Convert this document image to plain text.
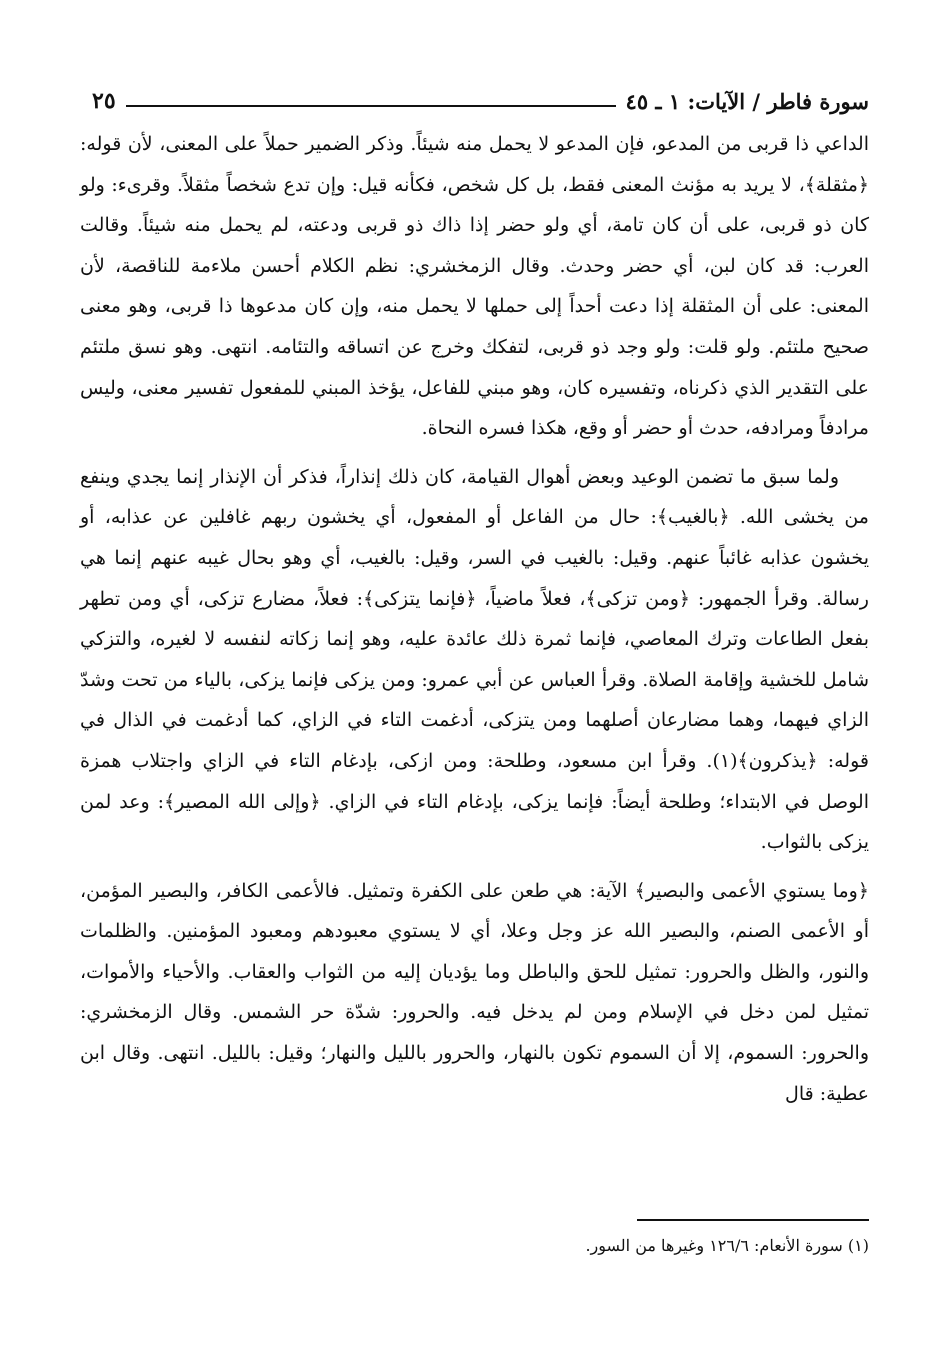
سورة فاطر / الآيات: ١ ـ ٤٥
٢٥

الداعي ذا قربى من المدعو، فإن المدعو لا يحمل منه شيئاً. وذكر الضمير حملاً على المعنى، لأن قوله: ﴿مثقلة﴾، لا يريد به مؤنث المعنى فقط، بل كل شخص، فكأنه قيل: وإن تدع شخصاً مثقلاً. وقرىء: ولو كان ذو قربى، على أن كان تامة، أي ولو حضر إذا ذاك ذو قربى ودعته، لم يحمل منه شيئاً. وقالت العرب: قد كان لبن، أي حضر وحدث. وقال الزمخشري: نظم الكلام أحسن ملاءمة للناقصة، لأن المعنى: على أن المثقلة إذا دعت أحداً إلى حملها لا يحمل منه، وإن كان مدعوها ذا قربى، وهو معنى صحيح ملتئم. ولو قلت: ولو وجد ذو قربى، لتفكك وخرج عن اتساقه والتئامه. انتهى. وهو نسق ملتئم على التقدير الذي ذكرناه، وتفسيره كان، وهو مبني للفاعل، يؤخذ المبني للمفعول تفسير معنى، وليس مرادفاً ومرادفه، حدث أو حضر أو وقع، هكذا فسره النحاة.

ولما سبق ما تضمن الوعيد وبعض أهوال القيامة، كان ذلك إنذاراً، فذكر أن الإنذار إنما يجدي وينفع من يخشى الله. ﴿بالغيب﴾: حال من الفاعل أو المفعول، أي يخشون ربهم غافلين عن عذابه، أو يخشون عذابه غائباً عنهم. وقيل: بالغيب في السر، وقيل: بالغيب، أي وهو بحال غيبه عنهم إنما هي رسالة. وقرأ الجمهور: ﴿ومن تزكى﴾، فعلاً ماضياً، ﴿فإنما يتزكى﴾: فعلاً، مضارع تزكى، أي ومن تطهر بفعل الطاعات وترك المعاصي، فإنما ثمرة ذلك عائدة عليه، وهو إنما زكاته لنفسه لا لغيره، والتزكي شامل للخشية وإقامة الصلاة. وقرأ العباس عن أبي عمرو: ومن يزكى فإنما يزكى، بالياء من تحت وشدّ الزاي فيهما، وهما مضارعان أصلهما ومن يتزكى، أدغمت التاء في الزاي، كما أدغمت في الذال في قوله: ﴿يذكرون﴾(١). وقرأ ابن مسعود، وطلحة: ومن ازكى، بإدغام التاء في الزاي واجتلاب همزة الوصل في الابتداء؛ وطلحة أيضاً: فإنما يزكى، بإدغام التاء في الزاي. ﴿وإلى الله المصير﴾: وعد لمن يزكى بالثواب.

﴿وما يستوي الأعمى والبصير﴾ الآية: هي طعن على الكفرة وتمثيل. فالأعمى الكافر، والبصير المؤمن، أو الأعمى الصنم، والبصير الله عز وجل وعلا، أي لا يستوي معبودهم ومعبود المؤمنين. والظلمات والنور، والظل والحرور: تمثيل للحق والباطل وما يؤديان إليه من الثواب والعقاب. والأحياء والأموات، تمثيل لمن دخل في الإسلام ومن لم يدخل فيه. والحرور: شدّة حر الشمس. وقال الزمخشري: والحرور: السموم، إلا أن السموم تكون بالنهار، والحرور بالليل والنهار؛ وقيل: بالليل. انتهى. وقال ابن عطية: قال

(١) سورة الأنعام: ١٢٦/٦ وغيرها من السور.
